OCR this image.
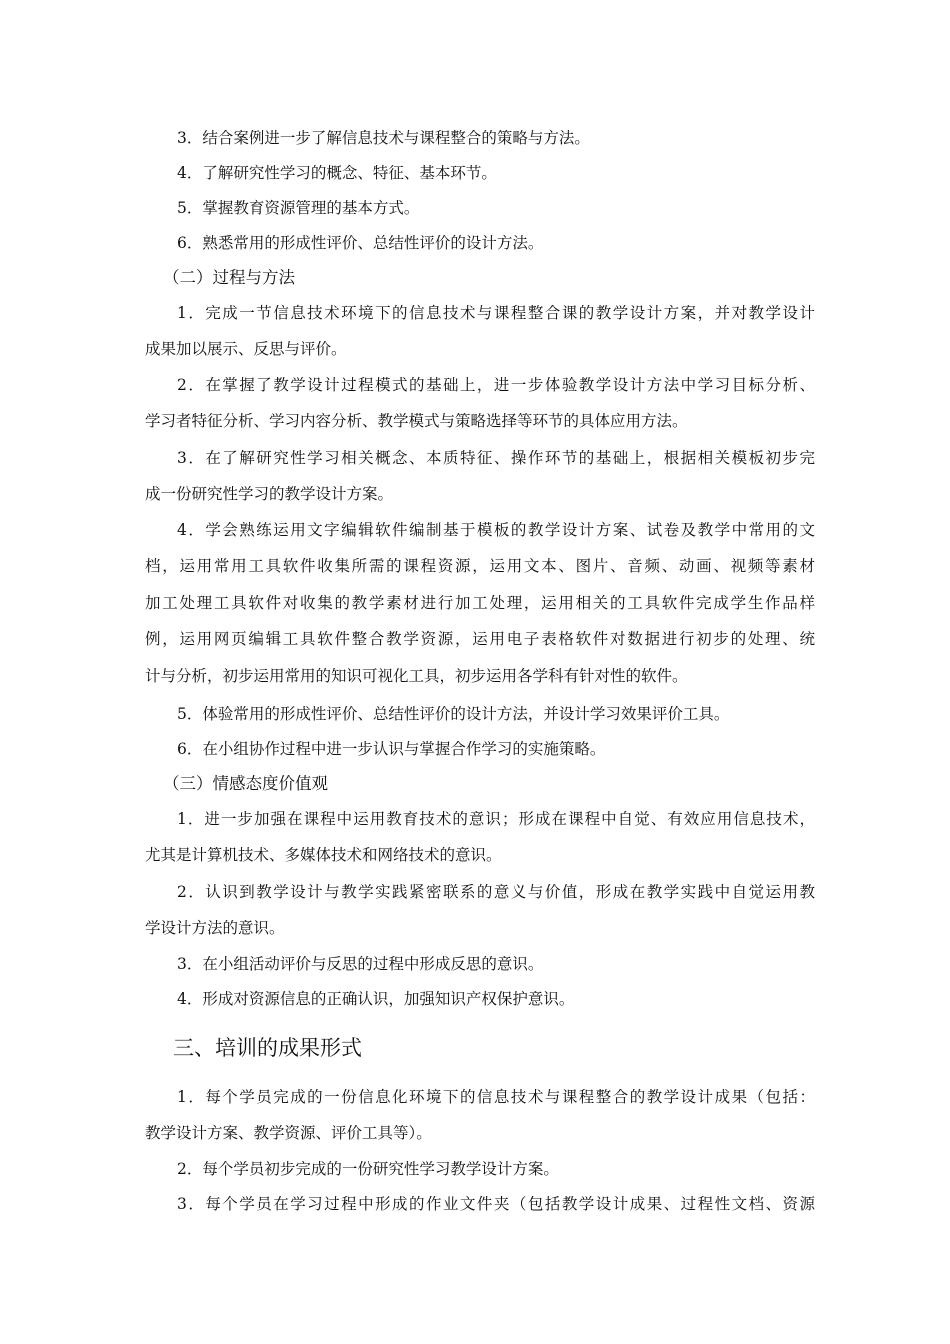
3．结合案例进一步了解信息技术与课程整合的策略与方法。
4．了解研究性学习的概念、特征、基本环节。
5．掌握教育资源管理的基本方式。
6．熟悉常用的形成性评价、总结性评价的设计方法。
（二）过程与方法
1．完成一节信息技术环境下的信息技术与课程整合课的教学设计方案，并对教学设计
成果加以展示、反思与评价。
2．在掌握了教学设计过程模式的基础上，进一步体验教学设计方法中学习目标分析、
学习者特征分析、学习内容分析、教学模式与策略选择等环节的具体应用方法。
3．在了解研究性学习相关概念、本质特征、操作环节的基础上，根据相关模板初步完
成一份研究性学习的教学设计方案。
4．学会熟练运用文字编辑软件编制基于模板的教学设计方案、试卷及教学中常用的文
档，运用常用工具软件收集所需的课程资源，运用文本、图片、音频、动画、视频等素材
加工处理工具软件对收集的教学素材进行加工处理，运用相关的工具软件完成学生作品样
例，运用网页编辑工具软件整合教学资源，运用电子表格软件对数据进行初步的处理、统
计与分析，初步运用常用的知识可视化工具，初步运用各学科有针对性的软件。
5．体验常用的形成性评价、总结性评价的设计方法，并设计学习效果评价工具。
6．在小组协作过程中进一步认识与掌握合作学习的实施策略。
（三）情感态度价值观
1．进一步加强在课程中运用教育技术的意识；形成在课程中自觉、有效应用信息技术，
尤其是计算机技术、多媒体技术和网络技术的意识。
2．认识到教学设计与教学实践紧密联系的意义与价值，形成在教学实践中自觉运用教
学设计方法的意识。
3．在小组活动评价与反思的过程中形成反思的意识。
4．形成对资源信息的正确认识，加强知识产权保护意识。
三、培训的成果形式
1．每个学员完成的一份信息化环境下的信息技术与课程整合的教学设计成果（包括：
教学设计方案、教学资源、评价工具等）。
2．每个学员初步完成的一份研究性学习教学设计方案。
3．每个学员在学习过程中形成的作业文件夹（包括教学设计成果、过程性文档、资源
